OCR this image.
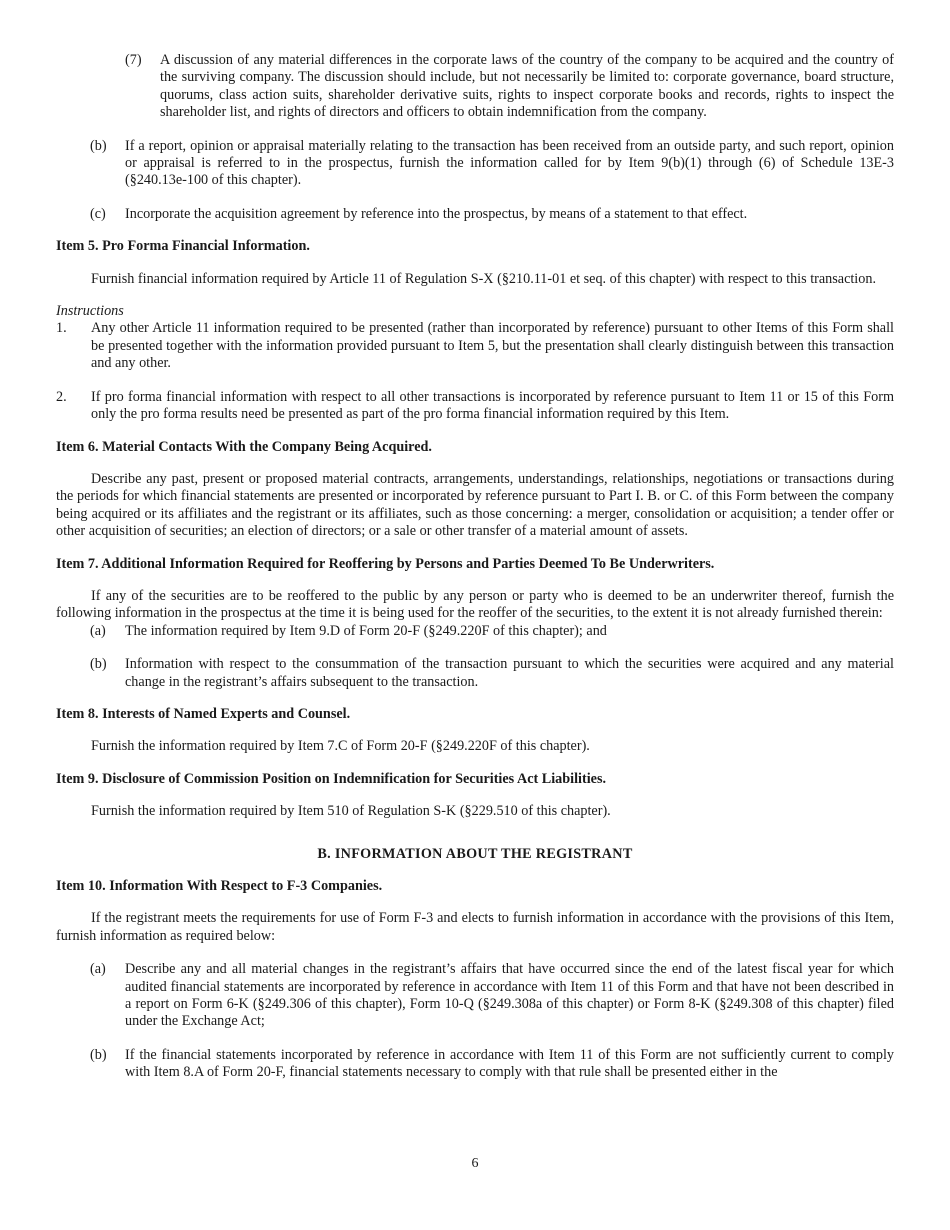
(7) A discussion of any material differences in the corporate laws of the country of the company to be acquired and the country of the surviving company. The discussion should include, but not necessarily be limited to: corporate governance, board structure, quorums, class action suits, shareholder derivative suits, rights to inspect corporate books and records, rights to inspect the shareholder list, and rights of directors and officers to obtain indemnification from the company.

(b) If a report, opinion or appraisal materially relating to the transaction has been received from an outside party, and such report, opinion or appraisal is referred to in the prospectus, furnish the information called for by Item 9(b)(1) through (6) of Schedule 13E-3 (§240.13e-100 of this chapter).

(c) Incorporate the acquisition agreement by reference into the prospectus, by means of a statement to that effect.

Item 5. Pro Forma Financial Information.

Furnish financial information required by Article 11 of Regulation S-X (§210.11-01 et seq. of this chapter) with respect to this transaction.

Instructions

1. Any other Article 11 information required to be presented (rather than incorporated by reference) pursuant to other Items of this Form shall be presented together with the information provided pursuant to Item 5, but the presentation shall clearly distinguish between this transaction and any other.

2. If pro forma financial information with respect to all other transactions is incorporated by reference pursuant to Item 11 or 15 of this Form only the pro forma results need be presented as part of the pro forma financial information required by this Item.

Item 6. Material Contacts With the Company Being Acquired.

Describe any past, present or proposed material contracts, arrangements, understandings, relationships, negotiations or transactions during the periods for which financial statements are presented or incorporated by reference pursuant to Part I. B. or C. of this Form between the company being acquired or its affiliates and the registrant or its affiliates, such as those concerning: a merger, consolidation or acquisition; a tender offer or other acquisition of securities; an election of directors; or a sale or other transfer of a material amount of assets.

Item 7. Additional Information Required for Reoffering by Persons and Parties Deemed To Be Underwriters.

If any of the securities are to be reoffered to the public by any person or party who is deemed to be an underwriter thereof, furnish the following information in the prospectus at the time it is being used for the reoffer of the securities, to the extent it is not already furnished therein:

(a) The information required by Item 9.D of Form 20-F (§249.220F of this chapter); and

(b) Information with respect to the consummation of the transaction pursuant to which the securities were acquired and any material change in the registrant’s affairs subsequent to the transaction.

Item 8. Interests of Named Experts and Counsel.

Furnish the information required by Item 7.C of Form 20-F (§249.220F of this chapter).

Item 9. Disclosure of Commission Position on Indemnification for Securities Act Liabilities.

Furnish the information required by Item 510 of Regulation S-K (§229.510 of this chapter).

B. INFORMATION ABOUT THE REGISTRANT

Item 10. Information With Respect to F-3 Companies.

If the registrant meets the requirements for use of Form F-3 and elects to furnish information in accordance with the provisions of this Item, furnish information as required below:

(a) Describe any and all material changes in the registrant’s affairs that have occurred since the end of the latest fiscal year for which audited financial statements are incorporated by reference in accordance with Item 11 of this Form and that have not been described in a report on Form 6-K (§249.306 of this chapter), Form 10-Q (§249.308a of this chapter) or Form 8-K (§249.308 of this chapter) filed under the Exchange Act;

(b) If the financial statements incorporated by reference in accordance with Item 11 of this Form are not sufficiently current to comply with Item 8.A of Form 20-F, financial statements necessary to comply with that rule shall be presented either in the

6
